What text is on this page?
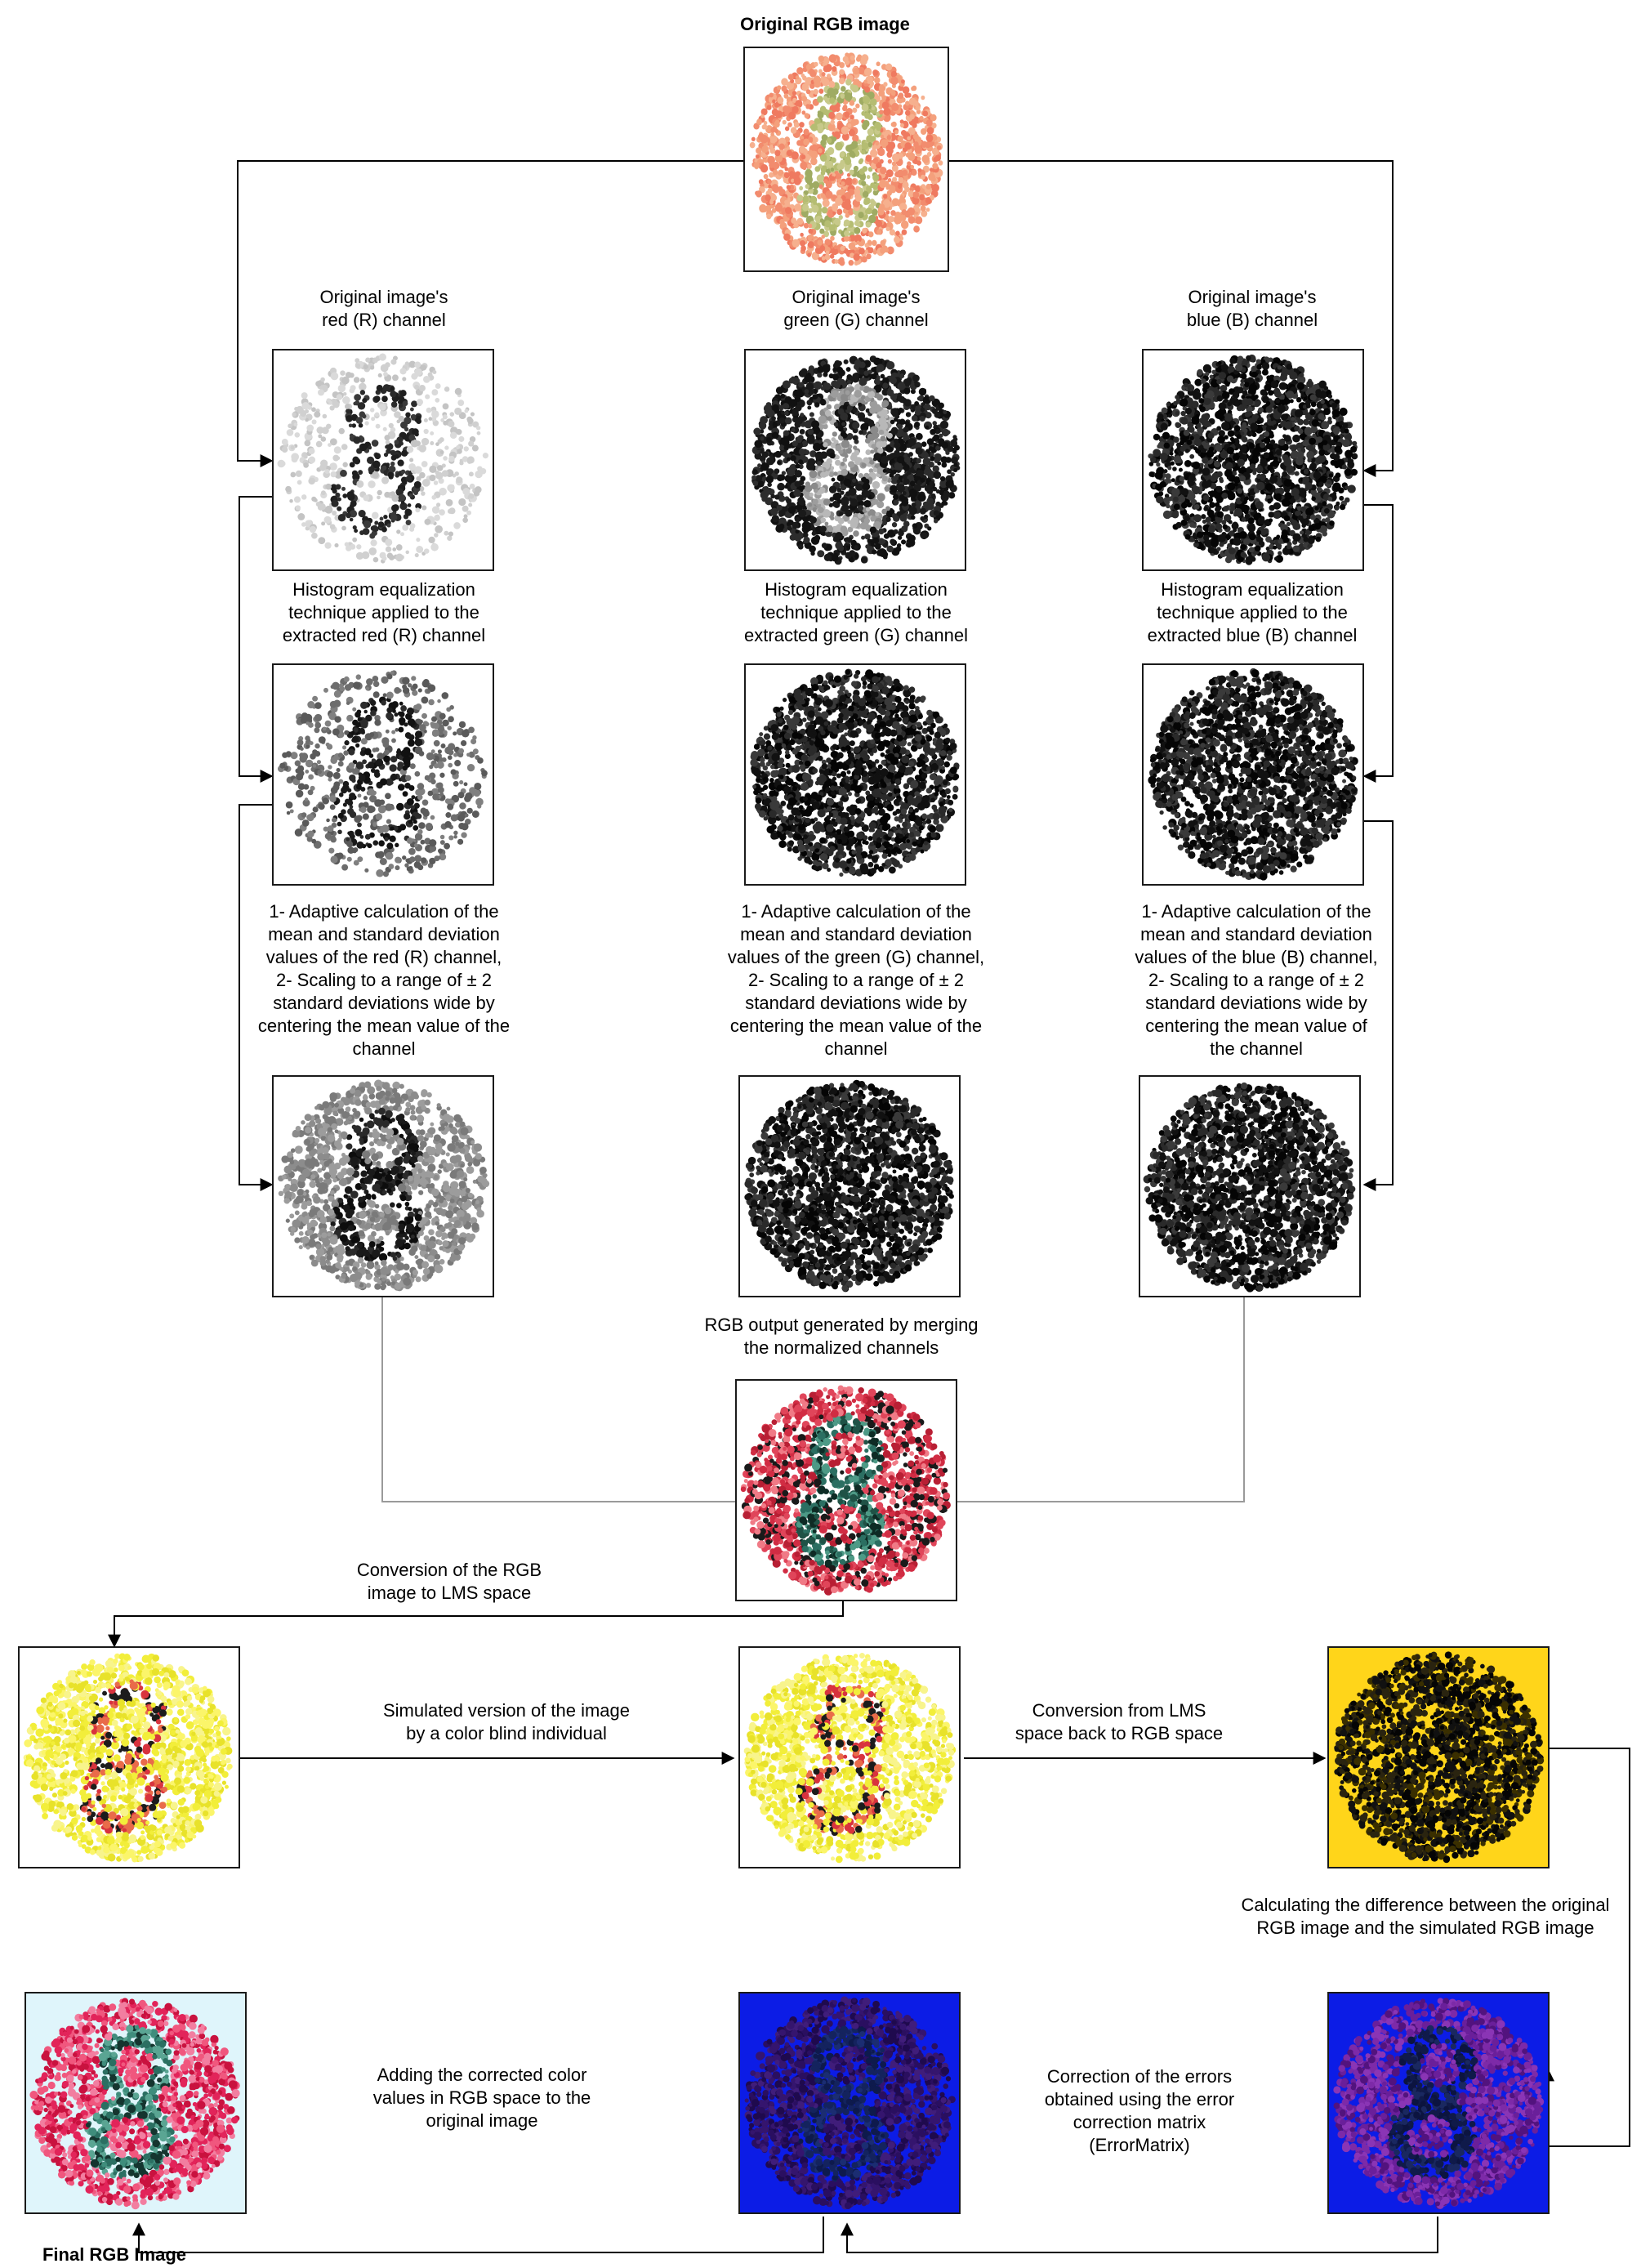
Original RGB image
Original image's
red (R) channel
Original image's
green (G) channel
Original image's
blue (B) channel
Histogram equalization
technique applied to the
extracted red (R) channel
Histogram equalization
technique applied to the
extracted green (G) channel
Histogram equalization
technique applied to the
extracted blue (B) channel
1- Adaptive calculation of the
mean and standard deviation
values of the red (R) channel,
2- Scaling to a range of ± 2
standard deviations wide by
centering the mean value of the
channel
1- Adaptive calculation of the
mean and standard deviation
values of the green (G) channel,
2- Scaling to a range of ± 2
standard deviations wide by
centering the mean value of the
channel
1- Adaptive calculation of the
mean and standard deviation
values of the blue (B) channel,
2- Scaling to a range of ± 2
standard deviations wide by
centering the mean value of
the channel
RGB output generated by merging
the normalized channels
Conversion of the RGB
image to LMS space
Simulated version of the image
by a color blind individual
Conversion from LMS
space back to RGB space
Calculating the difference between the original
RGB image and the simulated RGB image
Correction of the errors
obtained using the error
correction matrix
(ErrorMatrix)
Adding the corrected color
values in RGB space to the
original image
Final RGB Image
